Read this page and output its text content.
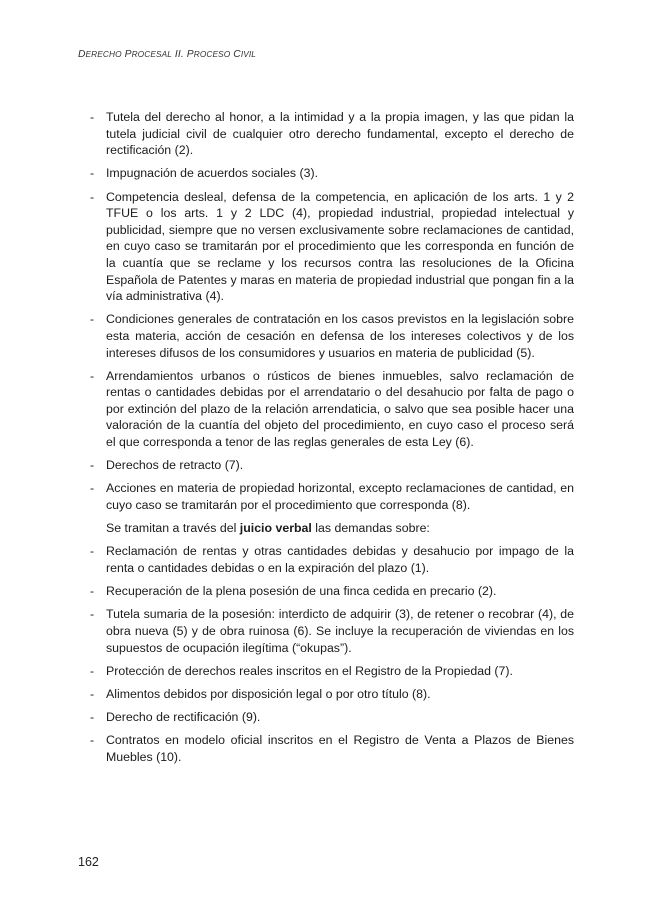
DERECHO PROCESAL II. PROCESO CIVIL
- Tutela del derecho al honor, a la intimidad y a la propia imagen, y las que pidan la tutela judicial civil de cualquier otro derecho fundamental, excepto el derecho de rectificación (2).
- Impugnación de acuerdos sociales (3).
- Competencia desleal, defensa de la competencia, en aplicación de los arts. 1 y 2 TFUE o los arts. 1 y 2 LDC (4), propiedad industrial, propiedad intelectual y publicidad, siempre que no versen exclusivamente sobre reclamaciones de cantidad, en cuyo caso se tramitarán por el procedimiento que les corresponda en función de la cuantía que se reclame y los recursos contra las resoluciones de la Oficina Española de Patentes y maras en materia de propiedad industrial que pongan fin a la vía administrativa (4).
- Condiciones generales de contratación en los casos previstos en la legislación sobre esta materia, acción de cesación en defensa de los intereses colectivos y de los intereses difusos de los consumidores y usuarios en materia de publicidad (5).
- Arrendamientos urbanos o rústicos de bienes inmuebles, salvo reclamación de rentas o cantidades debidas por el arrendatario o del desahucio por falta de pago o por extinción del plazo de la relación arrendaticia, o salvo que sea posible hacer una valoración de la cuantía del objeto del procedimiento, en cuyo caso el proceso será el que corresponda a tenor de las reglas generales de esta Ley (6).
- Derechos de retracto (7).
- Acciones en materia de propiedad horizontal, excepto reclamaciones de cantidad, en cuyo caso se tramitarán por el procedimiento que corresponda (8).
Se tramitan a través del juicio verbal las demandas sobre:
- Reclamación de rentas y otras cantidades debidas y desahucio por impago de la renta o cantidades debidas o en la expiración del plazo (1).
- Recuperación de la plena posesión de una finca cedida en precario (2).
- Tutela sumaria de la posesión: interdicto de adquirir (3), de retener o recobrar (4), de obra nueva (5) y de obra ruinosa (6). Se incluye la recuperación de viviendas en los supuestos de ocupación ilegítima (“okupas”).
- Protección de derechos reales inscritos en el Registro de la Propiedad (7).
- Alimentos debidos por disposición legal o por otro título (8).
- Derecho de rectificación (9).
- Contratos en modelo oficial inscritos en el Registro de Venta a Plazos de Bienes Muebles (10).
162
